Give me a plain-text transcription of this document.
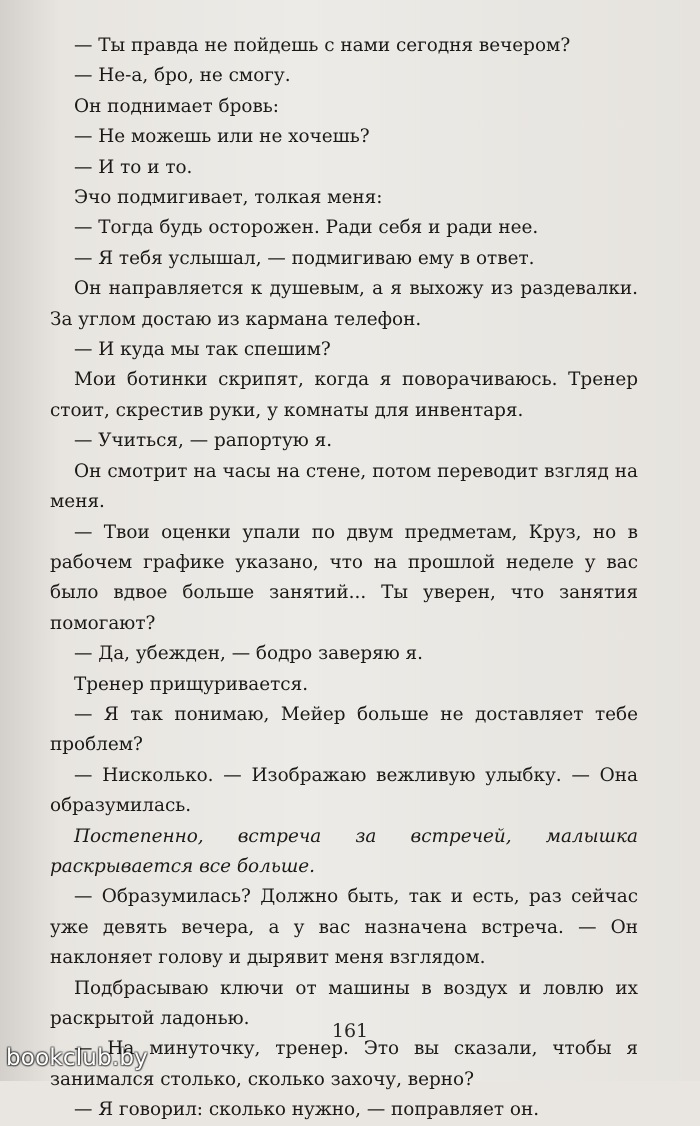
— Ты правда не пойдешь с нами сегодня вечером?

— Не-а, бро, не смогу.

Он поднимает бровь:

— Не можешь или не хочешь?

— И то и то.

Эчо подмигивает, толкая меня:

— Тогда будь осторожен. Ради себя и ради нее.

— Я тебя услышал, — подмигиваю ему в ответ.

Он направляется к душевым, а я выхожу из раздевалки. За углом достаю из кармана телефон.

— И куда мы так спешим?

Мои ботинки скрипят, когда я поворачиваюсь. Тренер стоит, скрестив руки, у комнаты для инвентаря.

— Учиться, — рапортую я.

Он смотрит на часы на стене, потом переводит взгляд на меня.

— Твои оценки упали по двум предметам, Круз, но в рабочем графике указано, что на прошлой неделе у вас было вдвое больше занятий... Ты уверен, что занятия помогают?

— Да, убежден, — бодро заверяю я.

Тренер прищуривается.

— Я так понимаю, Мейер больше не доставляет тебе проблем?

— Нисколько. — Изображаю вежливую улыбку. — Она образумилась.

Постепенно, встреча за встречей, малышка раскрывается все больше.

— Образумилась? Должно быть, так и есть, раз сейчас уже девять вечера, а у вас назначена встреча. — Он наклоняет голову и дырявит меня взглядом.

Подбрасываю ключи от машины в воздух и ловлю их раскрытой ладонью.

— На минуточку, тренер. Это вы сказали, чтобы я занимался столько, сколько захочу, верно?

— Я говорил: сколько нужно, — поправляет он.

161
bookclub.by
